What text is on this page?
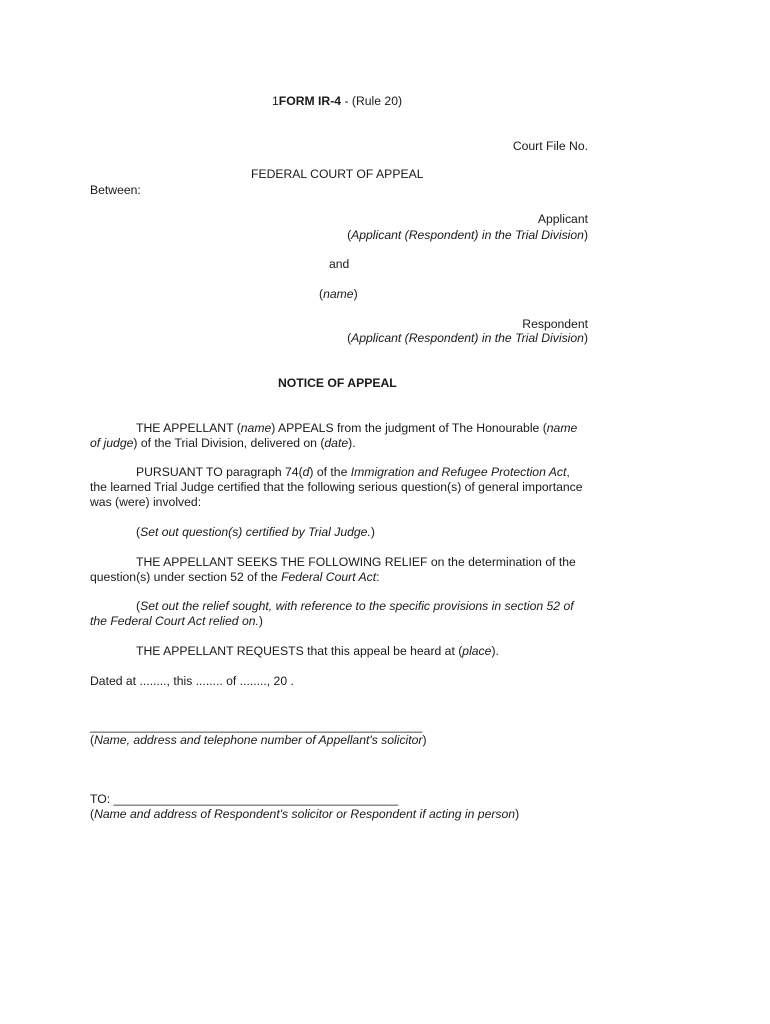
1FORM IR-4 - (Rule 20)
Court File No.
FEDERAL COURT OF APPEAL
Between:
Applicant
(Applicant (Respondent) in the Trial Division)
and
(name)
Respondent
(Applicant (Respondent) in the Trial Division)
NOTICE OF APPEAL
THE APPELLANT (name) APPEALS from the judgment of The Honourable (name of judge) of the Trial Division, delivered on (date).
PURSUANT TO paragraph 74(d) of the Immigration and Refugee Protection Act, the learned Trial Judge certified that the following serious question(s) of general importance was (were) involved:
(Set out question(s) certified by Trial Judge.)
THE APPELLANT SEEKS THE FOLLOWING RELIEF on the determination of the question(s) under section 52 of the Federal Court Act:
(Set out the relief sought, with reference to the specific provisions in section 52 of the Federal Court Act relied on.)
THE APPELLANT REQUESTS that this appeal be heard at (place).
Dated at ........, this ........ of ........, 20 .
_________________________________________________
(Name, address and telephone number of Appellant's solicitor)
TO: __________________________________________
(Name and address of Respondent's solicitor or Respondent if acting in person)
